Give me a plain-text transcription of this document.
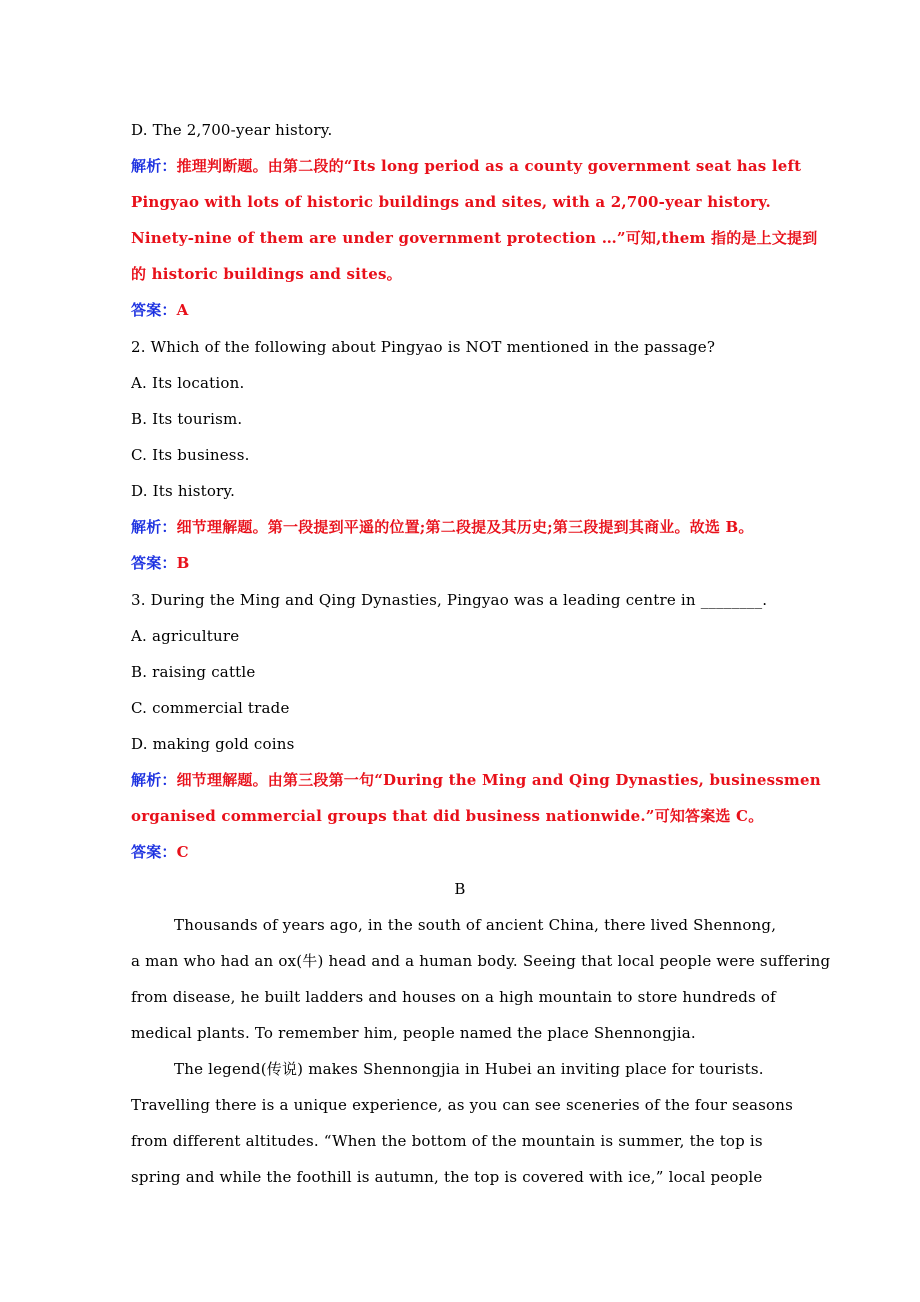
D. The 2,700-year history.
解析：推理判断题。由第二段的“Its long period as a county government seat has left
Pingyao with lots of historic buildings and sites, with a 2,700-year history.
Ninety-nine of them are under government protection …”可知,them 指的是上文提到
的 historic buildings and sites。
答案：A
2. Which of the following about Pingyao is NOT mentioned in the passage?
A. Its location.
B. Its tourism.
C. Its business.
D. Its history.
解析：细节理解题。第一段提到平遥的位置;第二段提及其历史;第三段提到其商业。故选 B。
答案：B
3. During the Ming and Qing Dynasties, Pingyao was a leading centre in ________.
A. agriculture
B. raising cattle
C. commercial trade
D. making gold coins
解析：细节理解题。由第三段第一句“During the Ming and Qing Dynasties, businessmen
organised commercial groups that did business nationwide.”可知答案选 C。
答案：C
B
Thousands of years ago, in the south of ancient China, there lived Shennong,
a man who had an ox(牛) head and a human body. Seeing that local people were suffering
from disease, he built ladders and houses on a high mountain to store hundreds of
medical plants. To remember him, people named the place Shennongjia.
The legend(传说) makes Shennongjia in Hubei an inviting place for tourists.
Travelling there is a unique experience, as you can see sceneries of the four seasons
from different altitudes. “When the bottom of the mountain is summer, the top is
spring and while the foothill is autumn, the top is covered with ice,” local people
